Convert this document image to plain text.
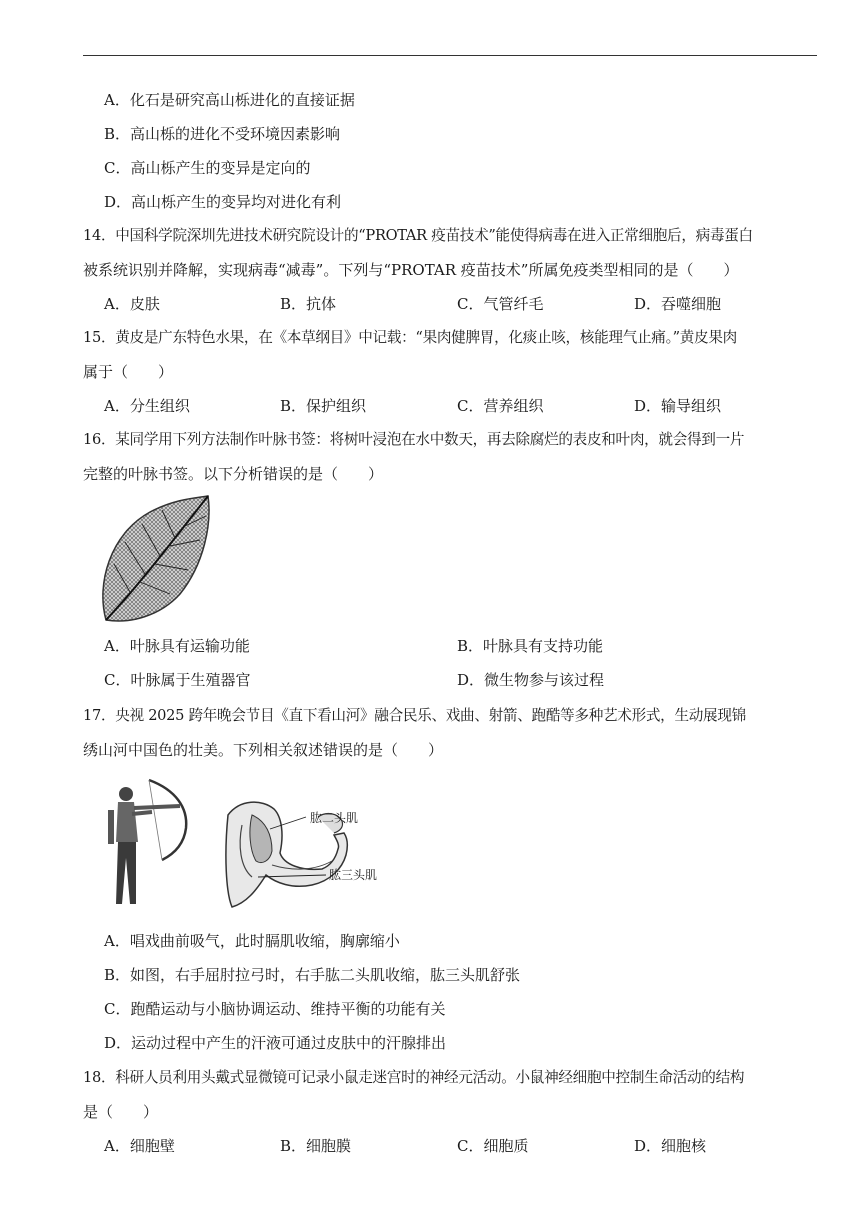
A．化石是研究高山栎进化的直接证据
B．高山栎的进化不受环境因素影响
C．高山栎产生的变异是定向的
D．高山栎产生的变异均对进化有利
14．中国科学院深圳先进技术研究院设计的“PROTAR 疫苗技术”能使得病毒在进入正常细胞后，病毒蛋白
被系统识别并降解，实现病毒“减毒”。下列与“PROTAR 疫苗技术”所属免疫类型相同的是（　　）
A．皮肤	B．抗体	C．气管纤毛	D．吞噬细胞
15．黄皮是广东特色水果，在《本草纲目》中记载：“果肉健脾胃，化痰止咳，核能理气止痛。”黄皮果肉
属于（　　）
A．分生组织	B．保护组织	C．营养组织	D．输导组织
16．某同学用下列方法制作叶脉书签：将树叶浸泡在水中数天，再去除腐烂的表皮和叶肉，就会得到一片
完整的叶脉书签。以下分析错误的是（　　）
A．叶脉具有运输功能	B．叶脉具有支持功能
C．叶脉属于生殖器官	D．微生物参与该过程
17．央视 2025 跨年晚会节目《直下看山河》融合民乐、戏曲、射箭、跑酷等多种艺术形式，生动展现锦
绣山河中国色的壮美。下列相关叙述错误的是（　　）
肱二头肌
肱三头肌
A．唱戏曲前吸气，此时膈肌收缩，胸廓缩小
B．如图，右手屈肘拉弓时，右手肱二头肌收缩，肱三头肌舒张
C．跑酷运动与小脑协调运动、维持平衡的功能有关
D．运动过程中产生的汗液可通过皮肤中的汗腺排出
18．科研人员利用头戴式显微镜可记录小鼠走迷宫时的神经元活动。小鼠神经细胞中控制生命活动的结构
是（　　）
A．细胞壁	B．细胞膜	C．细胞质	D．细胞核
